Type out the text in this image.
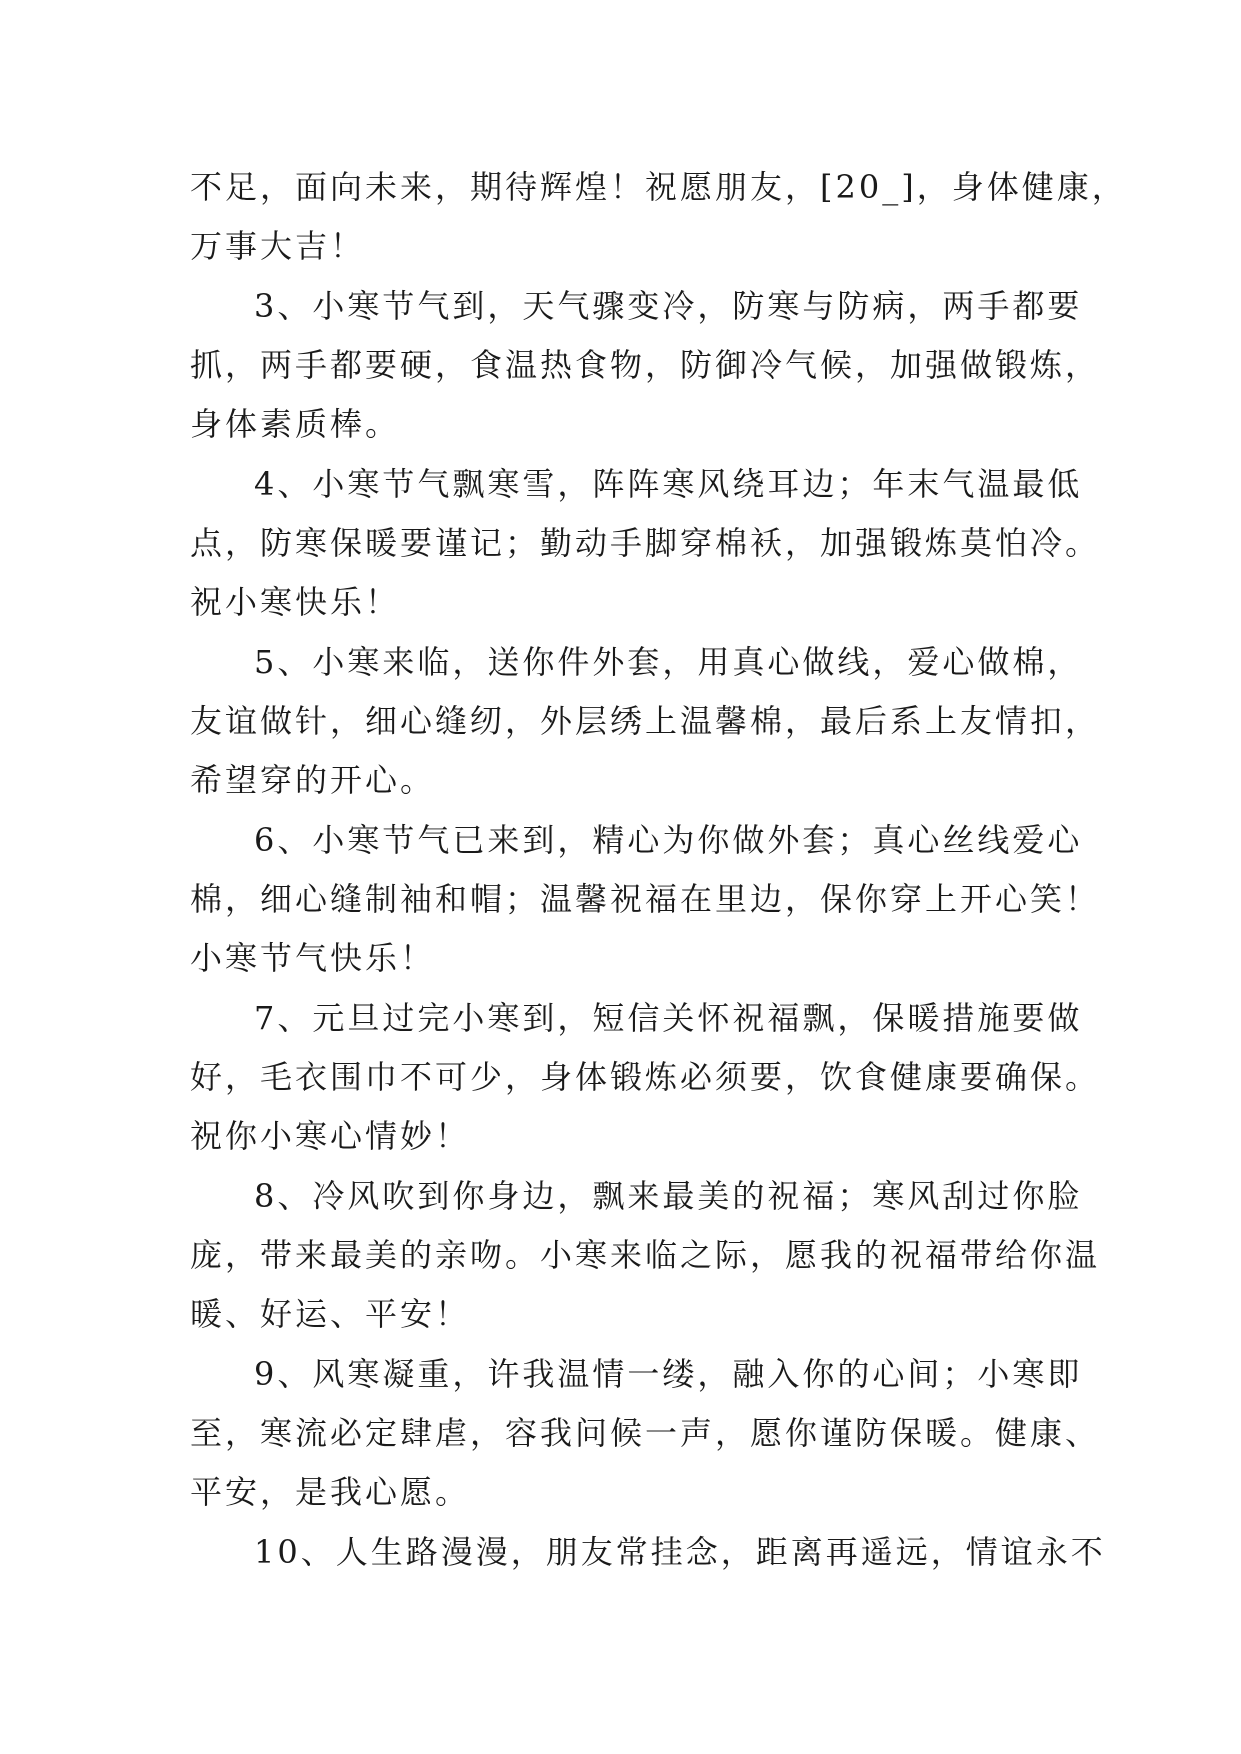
不足，面向未来，期待辉煌！祝愿朋友，[20_]，身体健康，
万事大吉！

3、小寒节气到，天气骤变冷，防寒与防病，两手都要
抓，两手都要硬，食温热食物，防御冷气候，加强做锻炼，
身体素质棒。

4、小寒节气飘寒雪，阵阵寒风绕耳边；年末气温最低
点，防寒保暖要谨记；勤动手脚穿棉袄，加强锻炼莫怕冷。
祝小寒快乐！

5、小寒来临，送你件外套，用真心做线，爱心做棉，
友谊做针，细心缝纫，外层绣上温馨棉，最后系上友情扣，
希望穿的开心。

6、小寒节气已来到，精心为你做外套；真心丝线爱心
棉，细心缝制袖和帽；温馨祝福在里边，保你穿上开心笑！
小寒节气快乐！

7、元旦过完小寒到，短信关怀祝福飘，保暖措施要做
好，毛衣围巾不可少，身体锻炼必须要，饮食健康要确保。
祝你小寒心情妙！

8、冷风吹到你身边，飘来最美的祝福；寒风刮过你脸
庞，带来最美的亲吻。小寒来临之际，愿我的祝福带给你温
暖、好运、平安！

9、风寒凝重，许我温情一缕，融入你的心间；小寒即
至，寒流必定肆虐，容我问候一声，愿你谨防保暖。健康、
平安，是我心愿。

10、人生路漫漫，朋友常挂念，距离再遥远，情谊永不
